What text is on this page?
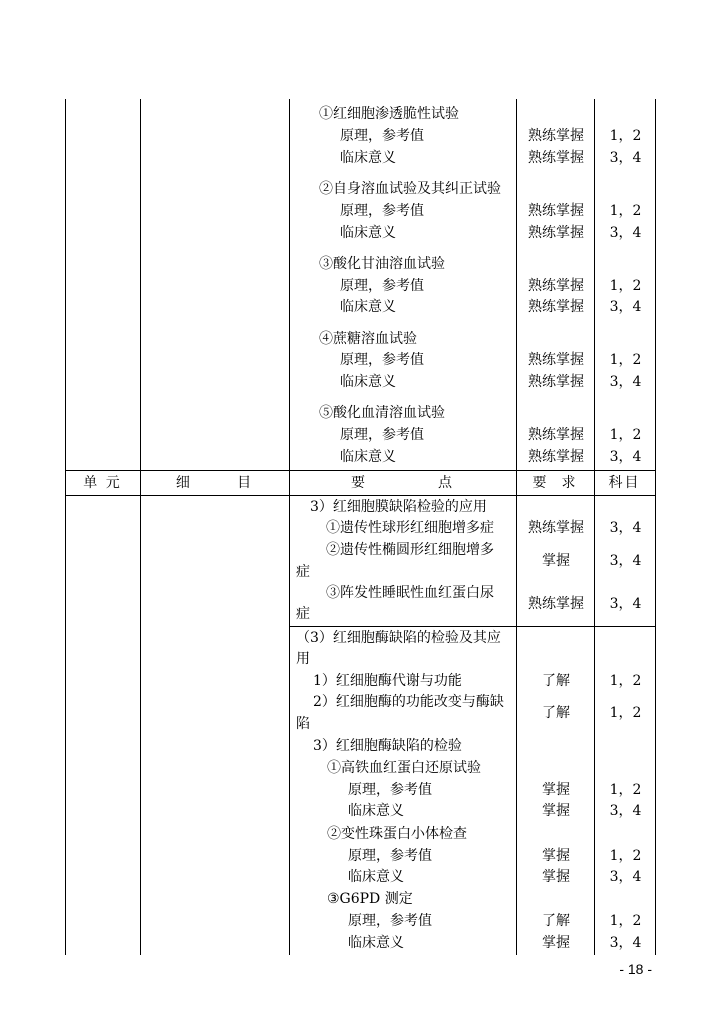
①红细胞渗透脆性试验
原理，参考值	熟练掌握	1，2
临床意义	熟练掌握	3，4
②自身溶血试验及其纠正试验
原理，参考值	熟练掌握	1，2
临床意义	熟练掌握	3，4
③酸化甘油溶血试验
原理，参考值	熟练掌握	1，2
临床意义	熟练掌握	3，4
④蔗糖溶血试验
原理，参考值	熟练掌握	1，2
临床意义	熟练掌握	3，4
⑤酸化血清溶血试验
原理，参考值	熟练掌握	1，2
临床意义	熟练掌握	3，4
单 元	细       目	要           点	要  求	科目
3）红细胞膜缺陷检验的应用
①遗传性球形红细胞增多症	熟练掌握	3，4
②遗传性椭圆形红细胞增多
症
掌握	3，4
③阵发性睡眠性血红蛋白尿
症
熟练掌握	3，4
（3）红细胞酶缺陷的检验及其应
用
1）红细胞酶代谢与功能	了解	1，2
2）红细胞酶的功能改变与酶缺
陷
了解	1，2
3）红细胞酶缺陷的检验
①高铁血红蛋白还原试验
原理，参考值	掌握	1，2
临床意义	掌握	3，4
②变性珠蛋白小体检查
原理，参考值	掌握	1，2
临床意义	掌握	3，4
③G6PD 测定
原理，参考值	了解	1，2
临床意义	掌握	3，4
- 18 -
